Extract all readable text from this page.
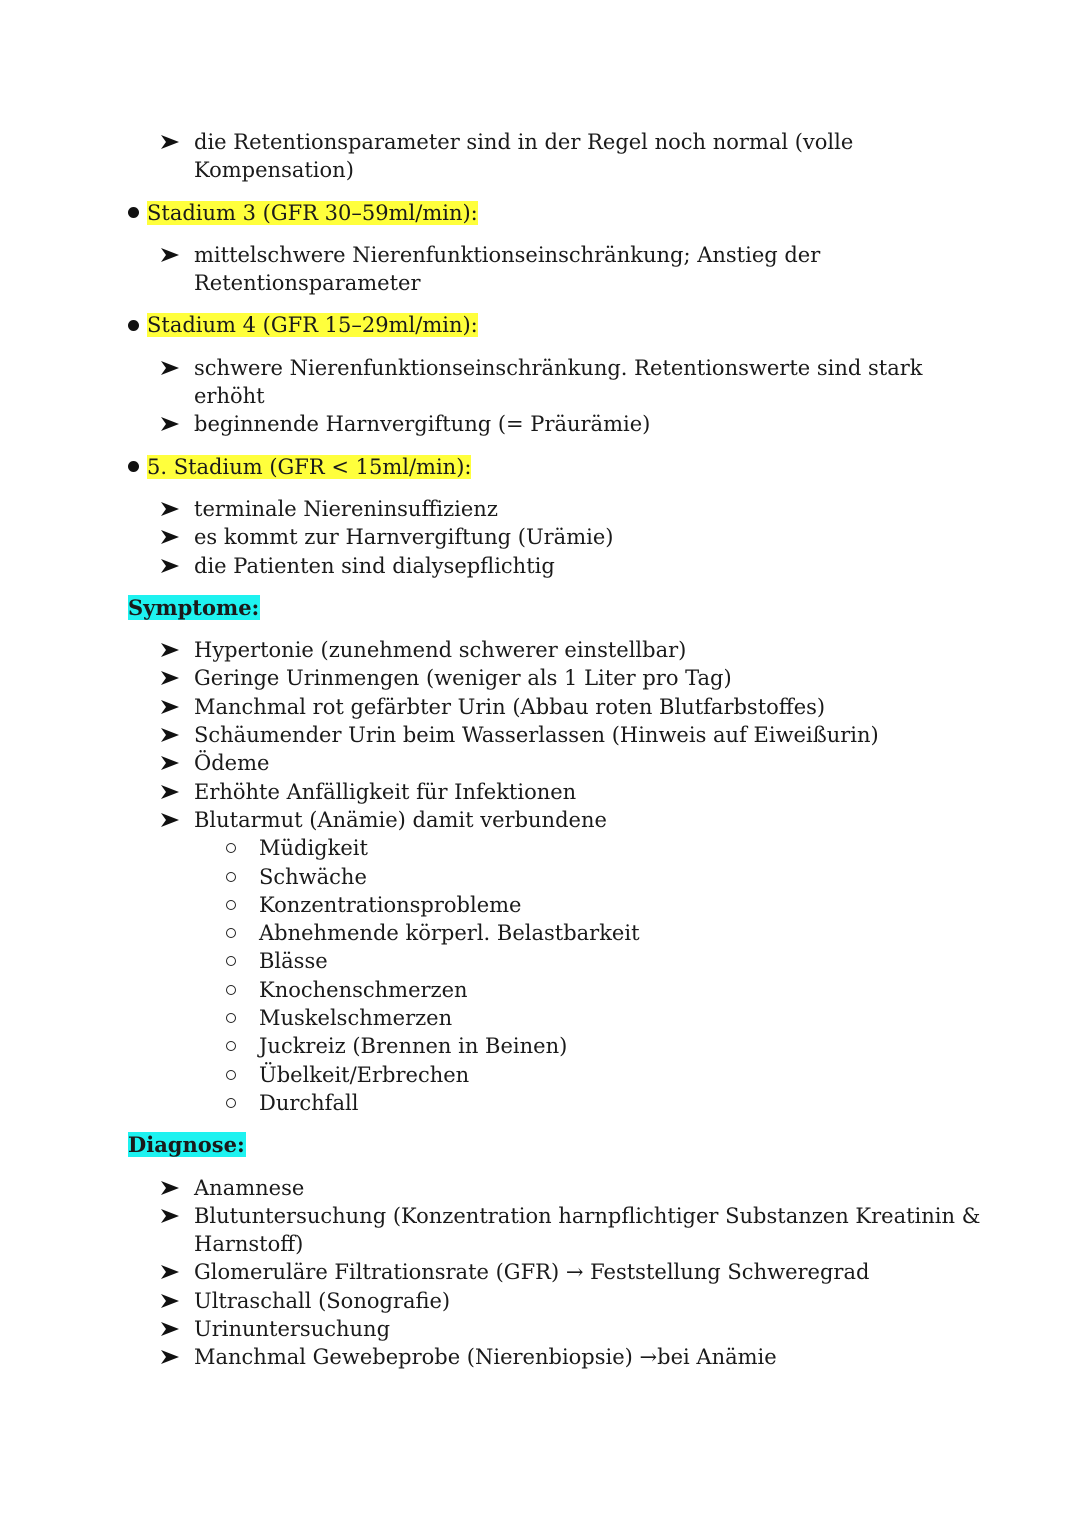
die Retentionsparameter sind in der Regel noch normal (volle
Kompensation)
Stadium 3 (GFR 30–59ml/min):
mittelschwere Nierenfunktionseinschränkung; Anstieg der
Retentionsparameter
Stadium 4 (GFR 15–29ml/min):
schwere Nierenfunktionseinschränkung. Retentionswerte sind stark
erhöht
beginnende Harnvergiftung (= Präurämie)
5. Stadium (GFR < 15ml/min):
terminale Niereninsuffizienz
es kommt zur Harnvergiftung (Urämie)
die Patienten sind dialysepflichtig
Symptome:
Hypertonie (zunehmend schwerer einstellbar)
Geringe Urinmengen (weniger als 1 Liter pro Tag)
Manchmal rot gefärbter Urin (Abbau roten Blutfarbstoffes)
Schäumender Urin beim Wasserlassen (Hinweis auf Eiweißurin)
Ödeme
Erhöhte Anfälligkeit für Infektionen
Blutarmut (Anämie) damit verbundene
Müdigkeit
Schwäche
Konzentrationsprobleme
Abnehmende körperl. Belastbarkeit
Blässe
Knochenschmerzen
Muskelschmerzen
Juckreiz (Brennen in Beinen)
Übelkeit/Erbrechen
Durchfall
Diagnose:
Anamnese
Blutuntersuchung (Konzentration harnpflichtiger Substanzen Kreatinin &
Harnstoff)
Glomeruläre Filtrationsrate (GFR) → Feststellung Schweregrad
Ultraschall (Sonografie)
Urinuntersuchung
Manchmal Gewebeprobe (Nierenbiopsie) →bei Anämie
